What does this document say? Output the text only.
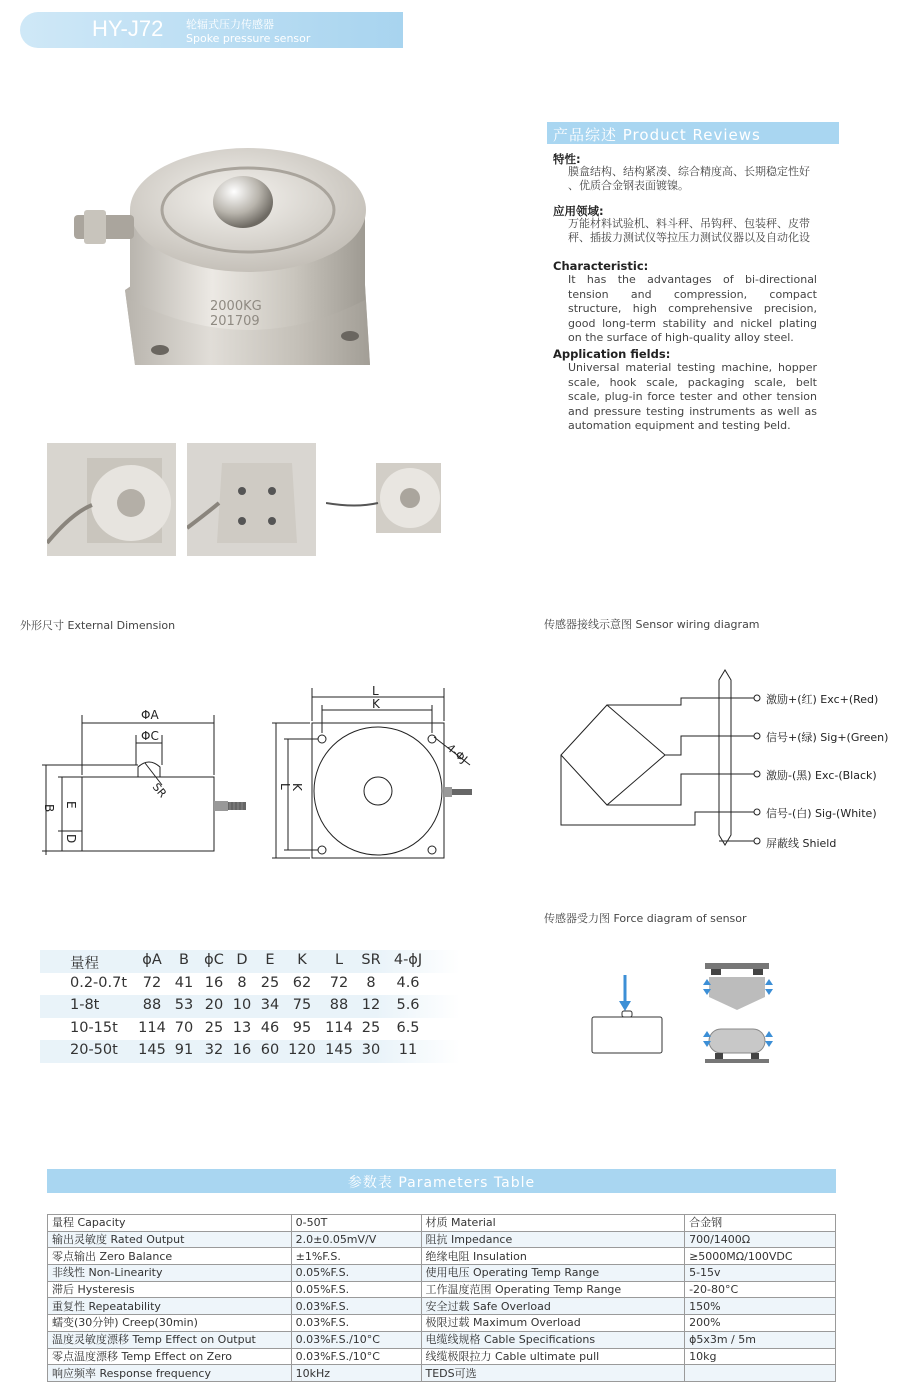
HY-J72 轮辐式压力传感器
Spoke pressure sensor
2000KG
201709
产品综述 Product Reviews
特性:
膜盒结构、结构紧凑、综合精度高、长期稳定性好
、优质合金钢表面镀镍。
应用领域:
万能材料试验机、料斗秤、吊钩秤、包装秤、皮带
秤、插拔力测试仪等拉压力测试仪器以及自动化设
Characteristic:
It has the advantages of bi-directional tension and compression, compact structure, high comprehensive precision, good long-term stability and nickel plating on the surface of high-quality alloy steel.
Application fields:
Universal material testing machine, hopper scale, hook scale, packaging scale, belt scale, plug-in force tester and other tension and pressure testing instruments as well as automation equipment and testing Þeld.
外形尺寸 External Dimension	传感器接线示意图 Sensor wiring diagram
传感器受力图 Force diagram of sensor
ΦA
ΦC
SR
B E
D
L
K
L
K
4-ΦJ
激励+(红) Exc+(Red)
信号+(绿) Sig+(Green)
激励-(黑) Exc-(Black)
信号-(白) Sig-(White)
屏蔽线 Shield
量程	ϕA	B	ϕC D	E	K	L	SR 4-ϕJ
0.2-0.7t 72 41 16 8 25 62 72	8	4.6
1-8t	88 53 20 10 34 75 88 12	5.6
10-15t 114 70 25 13 46 95 114 25	6.5
20-50t 145 91 32 16 60 120 145 30	11
参数表 Parameters Table
量程 Capacity	0-50T	材质 Material	合金钢
输出灵敏度 Rated Output	2.0±0.05mV/V	阻抗 Impedance	700/1400Ω
零点输出 Zero Balance	±1%F.S.	绝缘电阻 Insulation	≥5000MΩ/100VDC
非线性 Non-Linearity	0.05%F.S.	使用电压 Operating Temp Range	5-15v
滞后 Hysteresis	0.05%F.S.	工作温度范围 Operating Temp Range	-20-80°C
重复性 Repeatability	0.03%F.S.	安全过载 Safe Overload	150%
蠕变(30分钟) Creep(30min)	0.03%F.S.	极限过载 Maximum Overload	200%
温度灵敏度漂移 Temp Effect on Output	0.03%F.S./10°C	电缆线规格 Cable Specifications	ϕ5x3m / 5m
零点温度漂移 Temp Effect on Zero	0.03%F.S./10°C	线缆极限拉力 Cable ultimate pull	10kg
响应频率 Response frequency	10kHz	TEDS可选	
